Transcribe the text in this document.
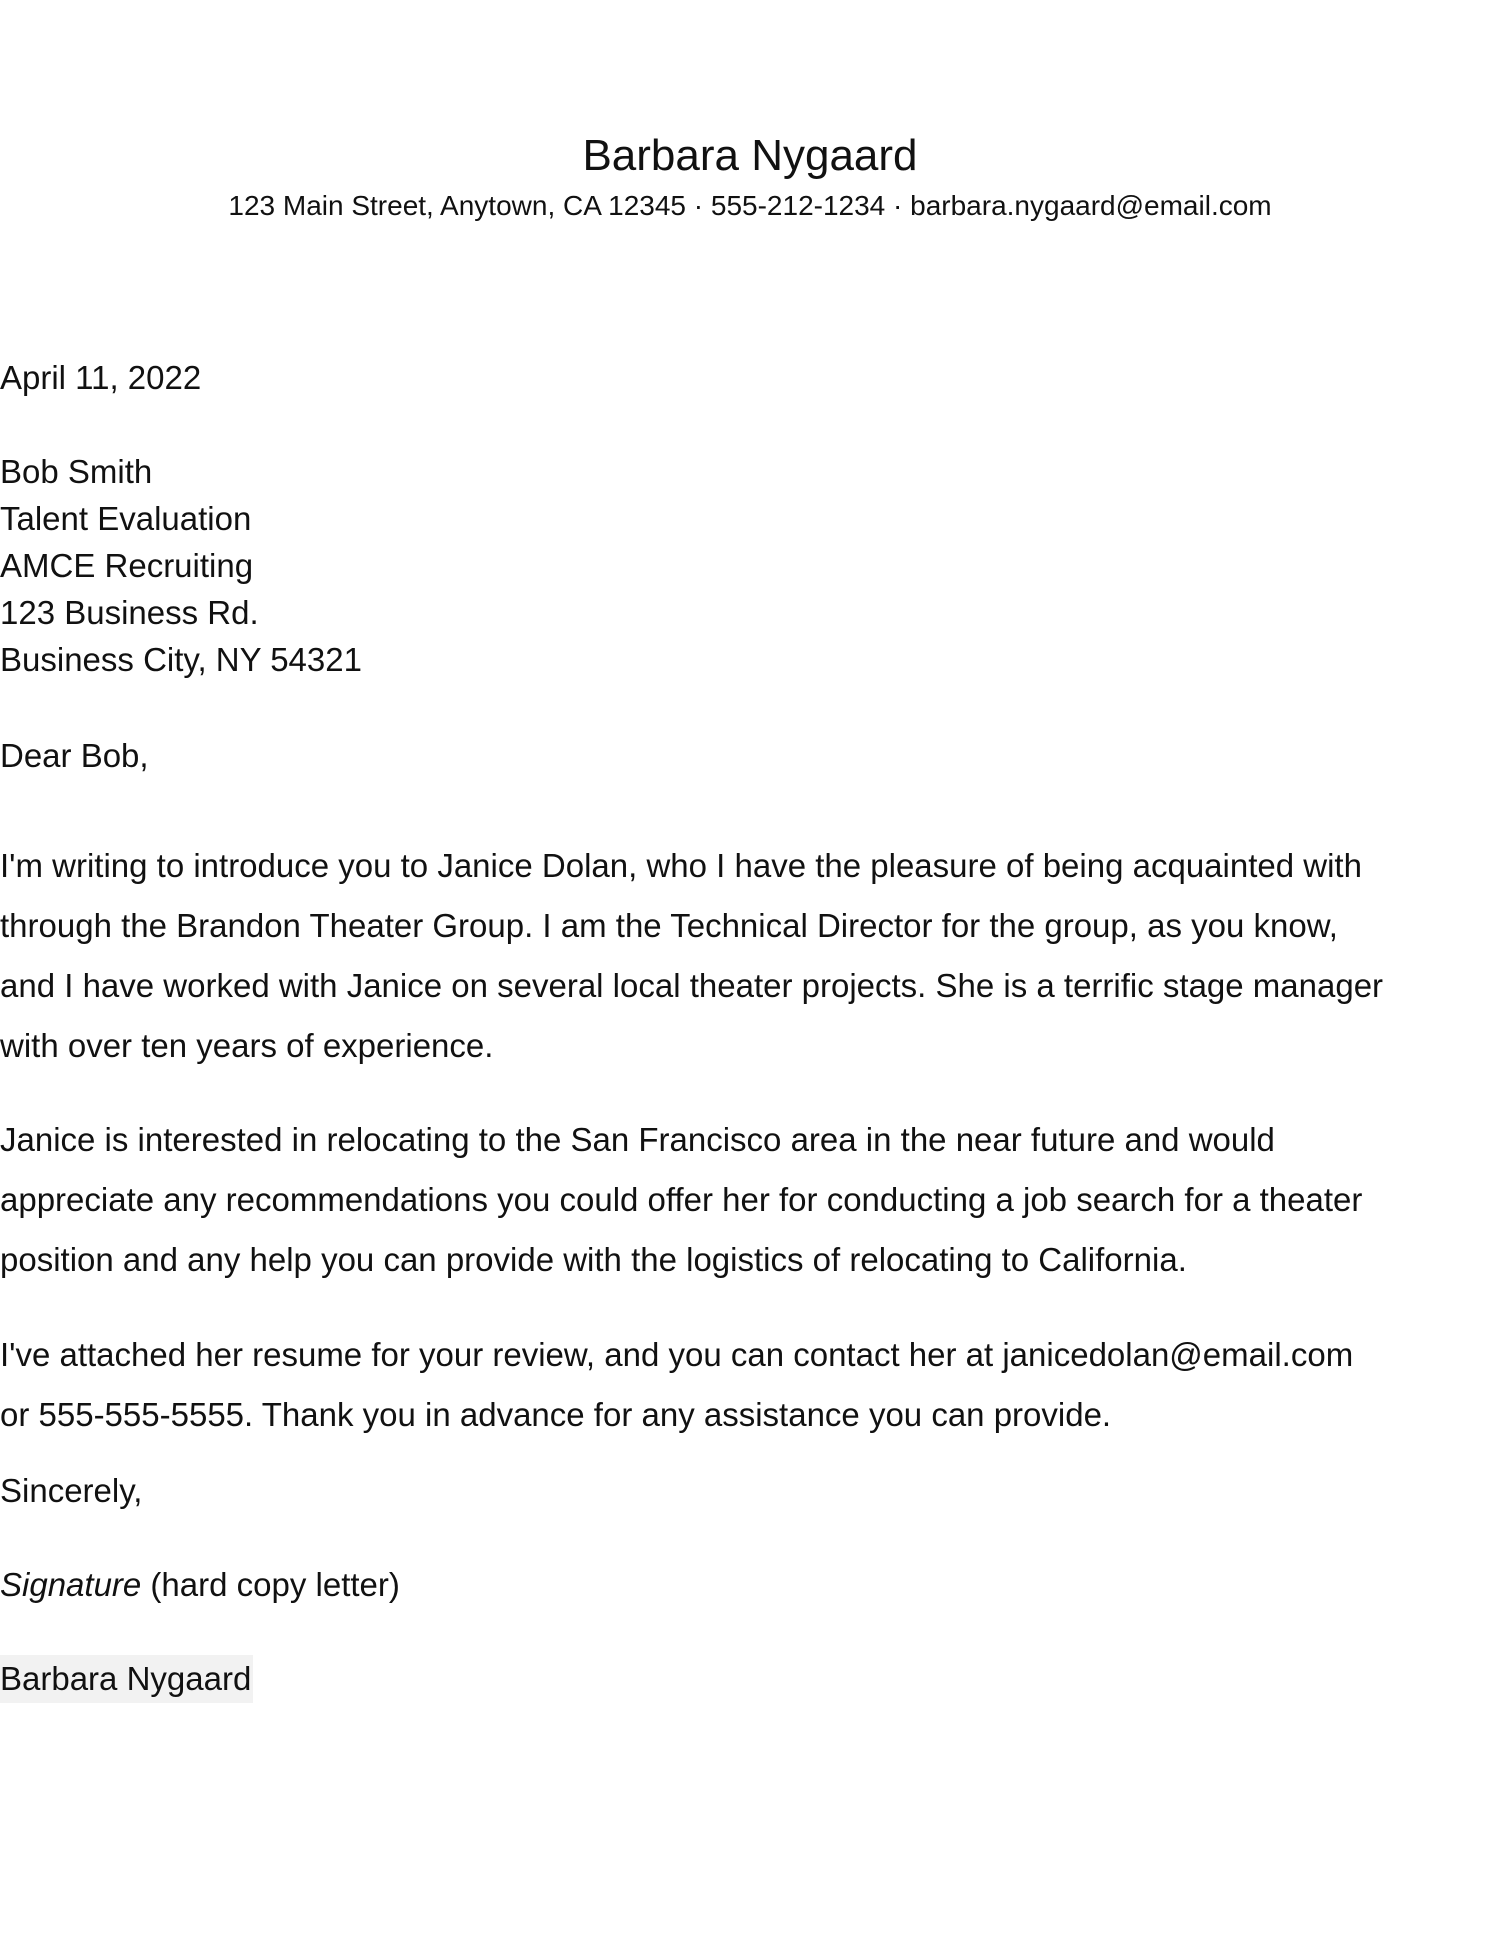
Barbara Nygaard
123 Main Street, Anytown, CA 12345 · 555-212-1234 · barbara.nygaard@email.com
April 11, 2022
Bob Smith
Talent Evaluation
AMCE Recruiting
123 Business Rd.
Business City, NY 54321
Dear Bob,
I'm writing to introduce you to Janice Dolan, who I have the pleasure of being acquainted with
through the Brandon Theater Group. I am the Technical Director for the group, as you know,
and I have worked with Janice on several local theater projects. She is a terrific stage manager
with over ten years of experience.
Janice is interested in relocating to the San Francisco area in the near future and would
appreciate any recommendations you could offer her for conducting a job search for a theater
position and any help you can provide with the logistics of relocating to California.
I've attached her resume for your review, and you can contact her at janicedolan@email.com
or 555-555-5555. Thank you in advance for any assistance you can provide.
Sincerely,
Signature (hard copy letter)
Barbara Nygaard
